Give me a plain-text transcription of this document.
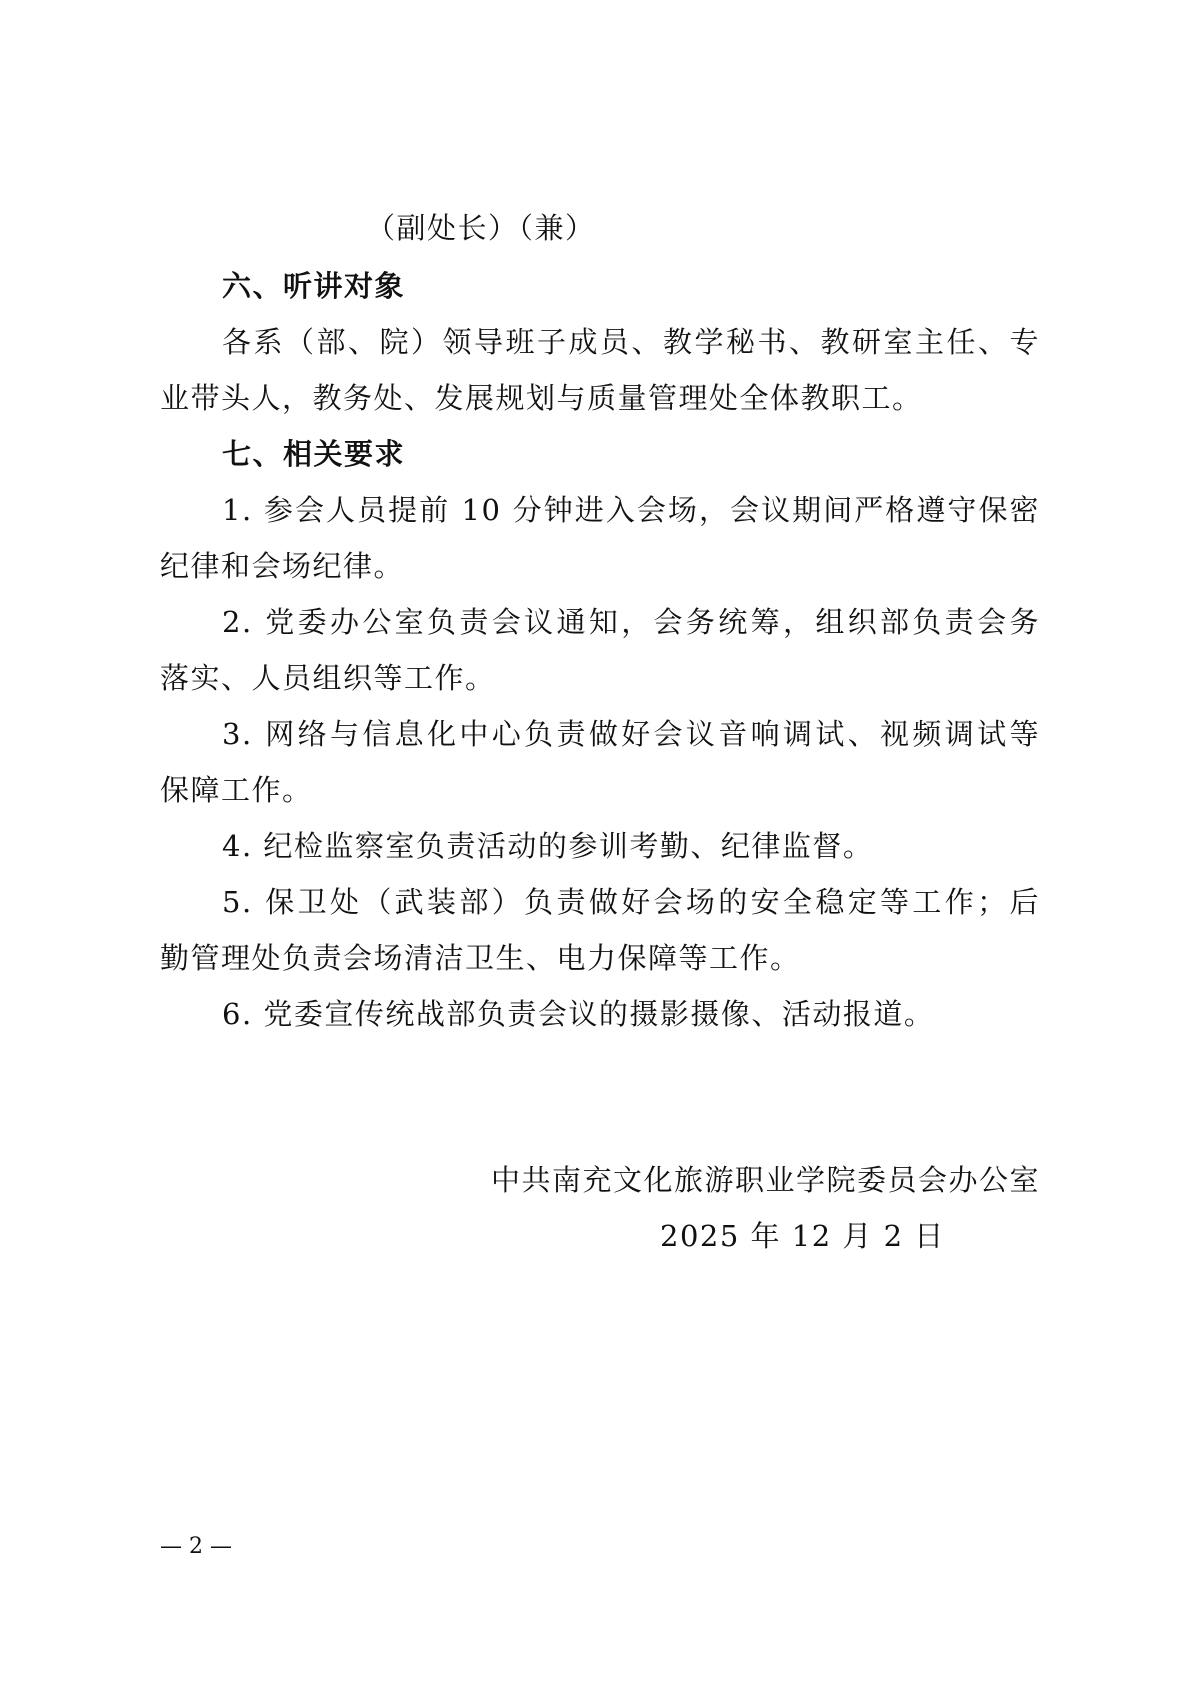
（副处长）（兼）
六、听讲对象
各系（部、院）领导班子成员、教学秘书、教研室主任、专
业带头人，教务处、发展规划与质量管理处全体教职工。
七、相关要求
1. 参会人员提前 10 分钟进入会场，会议期间严格遵守保密
纪律和会场纪律。
2. 党委办公室负责会议通知，会务统筹，组织部负责会务
落实、人员组织等工作。
3. 网络与信息化中心负责做好会议音响调试、视频调试等
保障工作。
4. 纪检监察室负责活动的参训考勤、纪律监督。
5. 保卫处（武装部）负责做好会场的安全稳定等工作；后
勤管理处负责会场清洁卫生、电力保障等工作。
6. 党委宣传统战部负责会议的摄影摄像、活动报道。
中共南充文化旅游职业学院委员会办公室
2025 年 12 月 2 日
— 2 —
